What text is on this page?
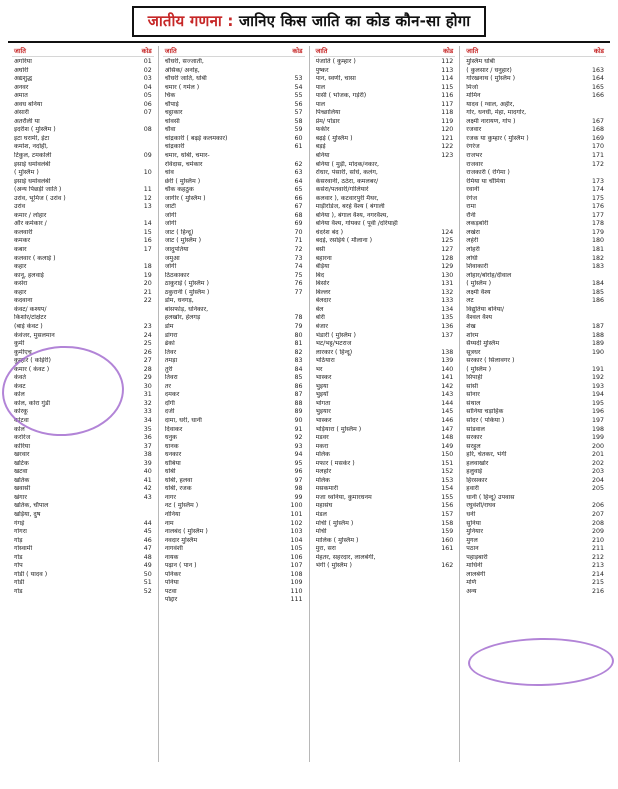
जातीय गणना : जानिए किस जाति का कोड कौन-सा होगा
जाति	कोड
अगरिया	01
अघोरी	02
अद्यशुद्ध	03
अनवर	04
अमात	05
अवध बनिया	06
अंसारी	07
अतरौली या
इदरीश ( मुस्लिम )	08
इटा घरामी, ईटा
कमोश, नदोही,
टिकुल, टमकोली	09
इसाई धर्मावलंबी
( मुस्लिम )	10
इसाई धर्मावलंबी
(अन्य पिछड़ी जाति )	11
उरांव, भूमिज ( उरांव )	12
उरांव	13
कमार / लोहार
और कर्मकार /	14
कलवारी	15
कमकर	16
कबार	17
कलवार ( कलाई )
कहार	18
कानू, हलवाई	19
कसेरा	20
कहार	21
कदवाना	22
केवट/ कश्यप/
किशोर/टांक्षेटर
(बाई केवट )	23
केवंजर, मुसलमान	24
कुर्मी	25
कुर्मीएच	26
कुम्हार ( कोईरी)	27
कमार ( केवट )	28
केवर्त	29
केवट	30
कोल	31
कोल, कोरा गुंडी	32
कोरकू	33
कोटवा	34
कोल	35
करोरेज	36
कोरिया	37
खरवार	38
खटिक	39
खटवा	40
खतिक	41
खवासी	42
खंगार	43
खतिक, चौपाल
खड़िया, दुष
गंगई	44
गोगरा	45
गोड़	46
गोस्वामी	47
गोड	48
गोप	49
गोडी ( यादव )	50
गोडी	51
गोड	52
जाति	कोड
चौधरी, सज्जाती,
अंसिक/ अनोह,
चौधरी जाति, धोबी	53
चमार ( गमेल )	54
चिक	55
चौपाई	56
चट्ठाकार	57
चोवसी	58
चौवा	59
चांद्रकारी ( बढ़ई कलमकार)	60
चांद्रकारी	61
चमार, धोबी, चमार-
रविदास, चर्मकार	62
चांव	63
छेरी ( मुस्लिम )	64
चौक कहठुक	65
जागीर ( मुस्लिम )	66
जाटी	67
जोगी	68
जोगी	69
जाट ( हिन्दू)	70
जाट ( मुस्लिम )	71
जादुपतिया	72
जमुआ	73
जोगी	74
ठिठकाकार	75
ठाकुराई ( मुस्लिम )	76
ठकुरानी ( मुस्लिम )	77
डोम, धनगड़,
बांसफोड़, धनिकार,
हलखोर, हेलगड़	78
डोम	79
डांगरा	80
ढेको	81
तिवर	82
तमड़ा	83
तुरी	84
तिवरा	85
तर	86
दमकर	87
दाँगी	88
दर्जी	89
दामा, धरी, धानी	90
दिवाकर	91
धनुक	92
धानक	93
धनकार	94
धोबिया	95
धोबी	96
धोबी, हलवा	97
धोबी, रजक	98
नागर	99
नट ( मुस्लिम )	100
नोनिया	101
नाम	102
नालबंद ( मुस्लिम )	103
नवदार मुस्लिम	104
नागवंशी	105
नायक	106
पढ़ान ( पान )	107
पनिकर	108
पनिया	109
पटवा	110
पोद्दार	111
जाति	कोड
पंजाति ( कुम्हार )	112
पुष्कर	113
पान, स्वर्णी, चासा	114
पाल	115
पासी ( भोजक, गड़ेरी)	116
पाल	117
पिच्छालिया	118
प्रेम/ पोंडार	119
फकीर	120
बढ़ई ( मुस्लिम )	121
बड़ई	122
बनिया	123
बनिया ( मुड़ी, मोदक/नकार,
रोंधार, पंसारी, सोंधे, कलंग,
केसरवानी, ठठेरा, कमलबर/
कसेरा/पतवारी/गोलियारे
कलवार ), कटवारपुरी मैथर,
माड़ीरोडेज, बरहे वैश्य ( बंगाली
बनिया ), बंगाल वैश्य, नगरवैश्य,
बनिया वैश्य, गोयका ( पूर्वी /दरियाही
चंदरेश बंद )	124
बदई, रसोईये ( मौलाना )	125
बसी	127
बहारना	128
बेड़िया	129
बिंद	130
बिसोर	131
बिल्लर	132
बेलदार	133
बेल	134
बोरी	135
बंजार	136
भंडारी ( मुस्लिम )	137
भट/भट्ट/भटराज
लारकार ( हिन्दू)	138
भठियारा	139
भर	140
भास्कर	141
भुइया	142
भुइयाँ	143
भोगता	144
भुइयार	145
भास्कर	146
भड़ियारा ( मुस्लिम )	147
मडवर	148
मकरा	149
मलिक	150
मफार ( मसकेर )	151
मलहोर	152
मलिक	153
मसकमारी	154
मजा ध्वनिया, कुमारधनम	155
महासंघ	156
मंडल	157
मोची ( मुस्लिम )	158
मोची	159
मालिक ( मुस्लिम )	160
मुरा, सरा	161
मेहतर, सहरदार, लालबेगी,
भंगी ( मुस्लिम )	162
जाति	कोड
मुस्लिम धोबी
( कुलसार / धनुहार)	163
गोरखनाथ ( मुस्लिम )	164
मिर्जा	165
मोमिन	166
यादव ( ग्वाल, अहीर,
गोर, धनधी, मेहा, मादगोर,
लक्ष्मी नारायण, गोप )	167
रजवार	168
रजक या कुम्हार ( मुस्लिम )	169
रंगरेज	170
राजभर	171
राजवार	172
राजकारी ( रंगिमा )
रेमिया या चौमिया	173
रवानी	174
रंगेज	175
रामा	176
रौनी	177
लकड़बोरी	178
लखेरा	179
लहेरी	180
लोहरी	181
लोधी	182
शिवाकारी	183
लोहार/बोरोह/दीवाल
( मुस्लिम )	184
लक्ष्मी वैश्य	185
लट	186
विद्युतिया बनिया/
वैश्वल वैश्य
शेख	187
शोरम	188
सैय्यदी मुस्लिम	189
सूत्रधर	190
सरकार ( सिलावगर )
( मुस्लिम )	191
सिपाही	192
सांसी	193
सोनार	194
संथाल	195
सोनिया चड़ाहिक	196
सोंदर ( पकिया )	197
सांडवाल	198
सरकार	199
सरहुल	200
हरि, चेतकर, भंगी	201
हलवाखोर	202
हलुवाई	203
हिरसकार	204
हवारी	205
धानी ( हिन्दू) उपवास
रघुवंशी/राघव	206
धनी	207
सुनिया	208
मुनियार	209
मुगल	210
पठान	211
पहाड़बारी	212
माधिनी	213
लालबेगी	214
मणि	215
अन्य	216
